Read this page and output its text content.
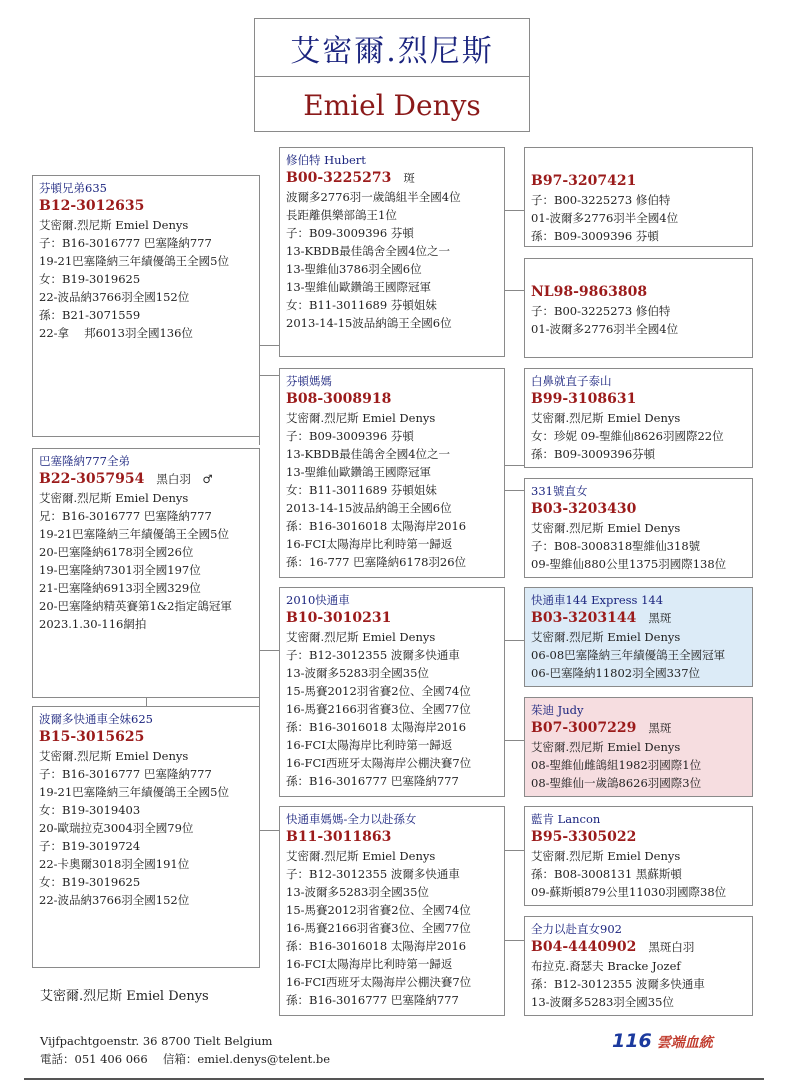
艾密爾.烈尼斯
Emiel Denys
芬頓兄弟635
B12-3012635
艾密爾.烈尼斯 Emiel Denys
子：B16-3016777 巴塞隆納777
19-21巴塞隆納三年績優鴿王全國5位
女：B19-3019625
22-波品納3766羽全國152位
孫：B21-3071559
22-拿　 邦6013羽全國136位
修伯特 Hubert
B00-3225273 斑
波爾多2776羽一歲鴿組半全國4位
長距離俱樂部鴿王1位
子：B09-3009396 芬頓
13-KBDB最佳鴿舍全國4位之一
13-聖維仙3786羽全國6位
13-聖維仙歐鑽鴿王國際冠軍
女：B11-3011689 芬頓姐妹
2013-14-15波品納鴿王全國6位
B97-3207421
子：B00-3225273 修伯特
01-波爾多2776羽半全國4位
孫：B09-3009396 芬頓
NL98-9863808
子：B00-3225273 修伯特
01-波爾多2776羽半全國4位
芬頓媽媽
B08-3008918
艾密爾.烈尼斯 Emiel Denys
子：B09-3009396 芬頓
13-KBDB最佳鴿舍全國4位之一
13-聖維仙歐鑽鴿王國際冠軍
女：B11-3011689 芬頓姐妹
2013-14-15波品納鴿王全國6位
孫：B16-3016018 太陽海岸2016
16-FCI太陽海岸比利時第一歸返
孫：16-777 巴塞隆納6178羽26位
白鼻就直子泰山
B99-3108631
艾密爾.烈尼斯 Emiel Denys
女：珍妮 09-聖維仙8626羽國際22位
孫：B09-3009396芬頓
331號直女
B03-3203430
艾密爾.烈尼斯 Emiel Denys
子：B08-3008318聖維仙318號
09-聖維仙880公里1375羽國際138位
巴塞隆納777全弟
B22-3057954 黑白羽　♂
艾密爾.烈尼斯 Emiel Denys
兄：B16-3016777 巴塞隆納777
19-21巴塞隆納三年績優鴿王全國5位
20-巴塞隆納6178羽全國26位
19-巴塞隆納7301羽全國197位
21-巴塞隆納6913羽全國329位
20-巴塞隆納精英賽第1&2指定鴿冠軍
2023.1.30-116網拍
2010快通車
B10-3010231
艾密爾.烈尼斯 Emiel Denys
子：B12-3012355 波爾多快通車
13-波爾多5283羽全國35位
15-馬賽2012羽省賽2位、全國74位
16-馬賽2166羽省賽3位、全國77位
孫：B16-3016018 太陽海岸2016
16-FCI太陽海岸比利時第一歸返
16-FCI西班牙太陽海岸公棚決賽7位
孫：B16-3016777 巴塞隆納777
快通車144 Express 144
B03-3203144 黑斑
艾密爾.烈尼斯 Emiel Denys
06-08巴塞隆納三年績優鴿王全國冠軍
06-巴塞隆納11802羽全國337位
茱迪 Judy
B07-3007229 黑斑
艾密爾.烈尼斯 Emiel Denys
08-聖維仙雌鴿組1982羽國際1位
08-聖維仙一歲鴿8626羽國際3位
波爾多快通車全妹625
B15-3015625
艾密爾.烈尼斯 Emiel Denys
子：B16-3016777 巴塞隆納777
19-21巴塞隆納三年績優鴿王全國5位
女：B19-3019403
20-歐瑞拉克3004羽全國79位
子：B19-3019724
22-卡奧爾3018羽全國191位
女：B19-3019625
22-波品納3766羽全國152位
快通車媽媽-全力以赴孫女
B11-3011863
艾密爾.烈尼斯 Emiel Denys
子：B12-3012355 波爾多快通車
13-波爾多5283羽全國35位
15-馬賽2012羽省賽2位、全國74位
16-馬賽2166羽省賽3位、全國77位
孫：B16-3016018 太陽海岸2016
16-FCI太陽海岸比利時第一歸返
16-FCI西班牙太陽海岸公棚決賽7位
孫：B16-3016777 巴塞隆納777
藍肯 Lancon
B95-3305022
艾密爾.烈尼斯 Emiel Denys
孫：B08-3008131 黑蘇斯頓
09-蘇斯頓879公里11030羽國際38位
全力以赴直女902
B04-4440902 黑斑白羽
布拉克.裔瑟夫 Bracke Jozef
孫：B12-3012355 波爾多快通車
13-波爾多5283羽全國35位
艾密爾.烈尼斯 Emiel Denys
Vijfpachtgoenstr. 36 8700 Tielt Belgium
電話：051 406 066　 信箱：emiel.denys@telent.be
116 雲端血統
